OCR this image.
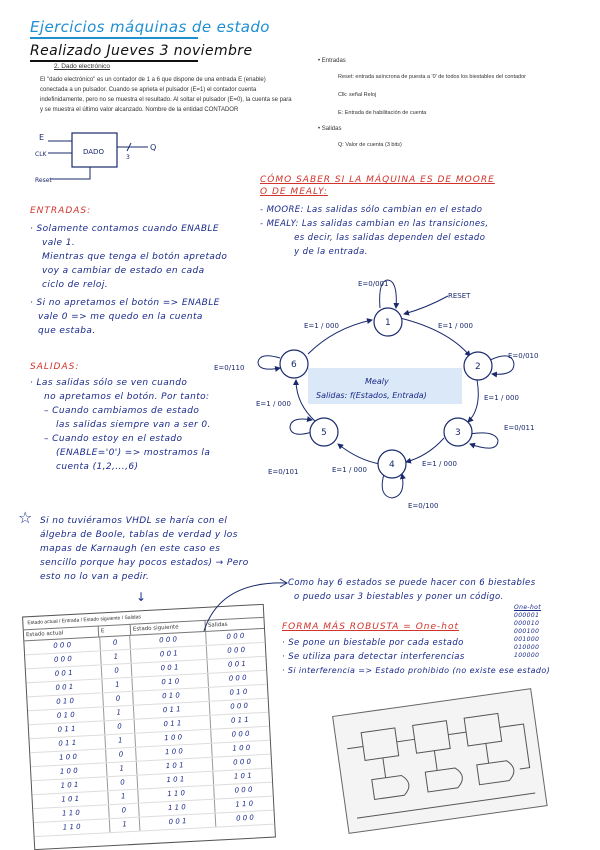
Ejercicios máquinas de estado
Realizado Jueves 3 noviembre
2. Dado electrónico
El "dado electrónico" es un contador de 1 a 6 que dispone de una entrada E (enable)
conectada a un pulsador. Cuando se aprieta el pulsador (E=1) el contador cuenta
indefinidamente, pero no se muestra el resultado. Al soltar el pulsador (E=0), la cuenta se para
y se muestra el último valor alcanzado. Nombre de la entidad CONTADOR
• Entradas
Reset: entrada asíncrona de puesta a '0' de todos los biestables del contador
Clk: señal Reloj
E: Entrada de habilitación de cuenta
• Salidas
Q: Valor de cuenta (3 bits)
DADO
E
CLK
Q
3
Reset
ENTRADAS:
· Solamente contamos cuando ENABLE
vale 1.
Mientras que tenga el botón apretado
voy a cambiar de estado en cada
ciclo de reloj.
· Si no apretamos el botón => ENABLE
vale 0 => me quedo en la cuenta
que estaba.
SALIDAS:
· Las salidas sólo se ven cuando
no apretamos el botón. Por tanto:
– Cuando cambiamos de estado
las salidas siempre van a ser 0.
– Cuando estoy en el estado
(ENABLE='0') => mostramos la
cuenta (1,2,...,6)
CÓMO SABER SI LA MÁQUINA ES DE MOORE
O DE MEALY:
- MOORE: Las salidas sólo cambian en el estado
- MEALY: Las salidas cambian en las transiciones,
es decir, las salidas dependen del estado
y de la entrada.
Mealy
Salidas: f(Estados, Entrada)
RESET
1
2
3
4
5
6
E=1 / 000
E=1 / 000
E=1 / 000
E=1 / 000
E=1 / 000
E=1 / 000
E=0/001
E=0/010
E=0/011
E=0/100
E=0/101
E=0/110
☆ Si no tuviéramos VHDL se haría con el
álgebra de Boole, tablas de verdad y los
mapas de Karnaugh (en este caso es
sencillo porque hay pocos estados) → Pero
esto no lo van a pedir.
↓
Estado actual / Entrada / Estado siguiente / Salidas
Estado actual	E	Estado siguiente	Salidas
0 0 0	0	0 0 0	0 0 0
0 0 0	1	0 0 1	0 0 0
0 0 1	0	0 0 1	0 0 1
0 0 1	1	0 1 0	0 0 0
0 1 0	0	0 1 0	0 1 0
0 1 0	1	0 1 1	0 0 0
0 1 1	0	0 1 1	0 1 1
0 1 1	1	1 0 0	0 0 0
1 0 0	0	1 0 0	1 0 0
1 0 0	1	1 0 1	0 0 0
1 0 1	0	1 0 1	1 0 1
1 0 1	1	1 1 0	0 0 0
1 1 0	0	1 1 0	1 1 0
1 1 0	1	0 0 1	0 0 0
Como hay 6 estados se puede hacer con 6 biestables
o puedo usar 3 biestables y poner un código.
FORMA MÁS ROBUSTA = One-hot
· Se pone un biestable por cada estado
· Se utiliza para detectar interferencias
· Si interferencia => Estado prohibido (no existe ese estado)
One-hot
000001
000010
000100
001000
010000
100000
